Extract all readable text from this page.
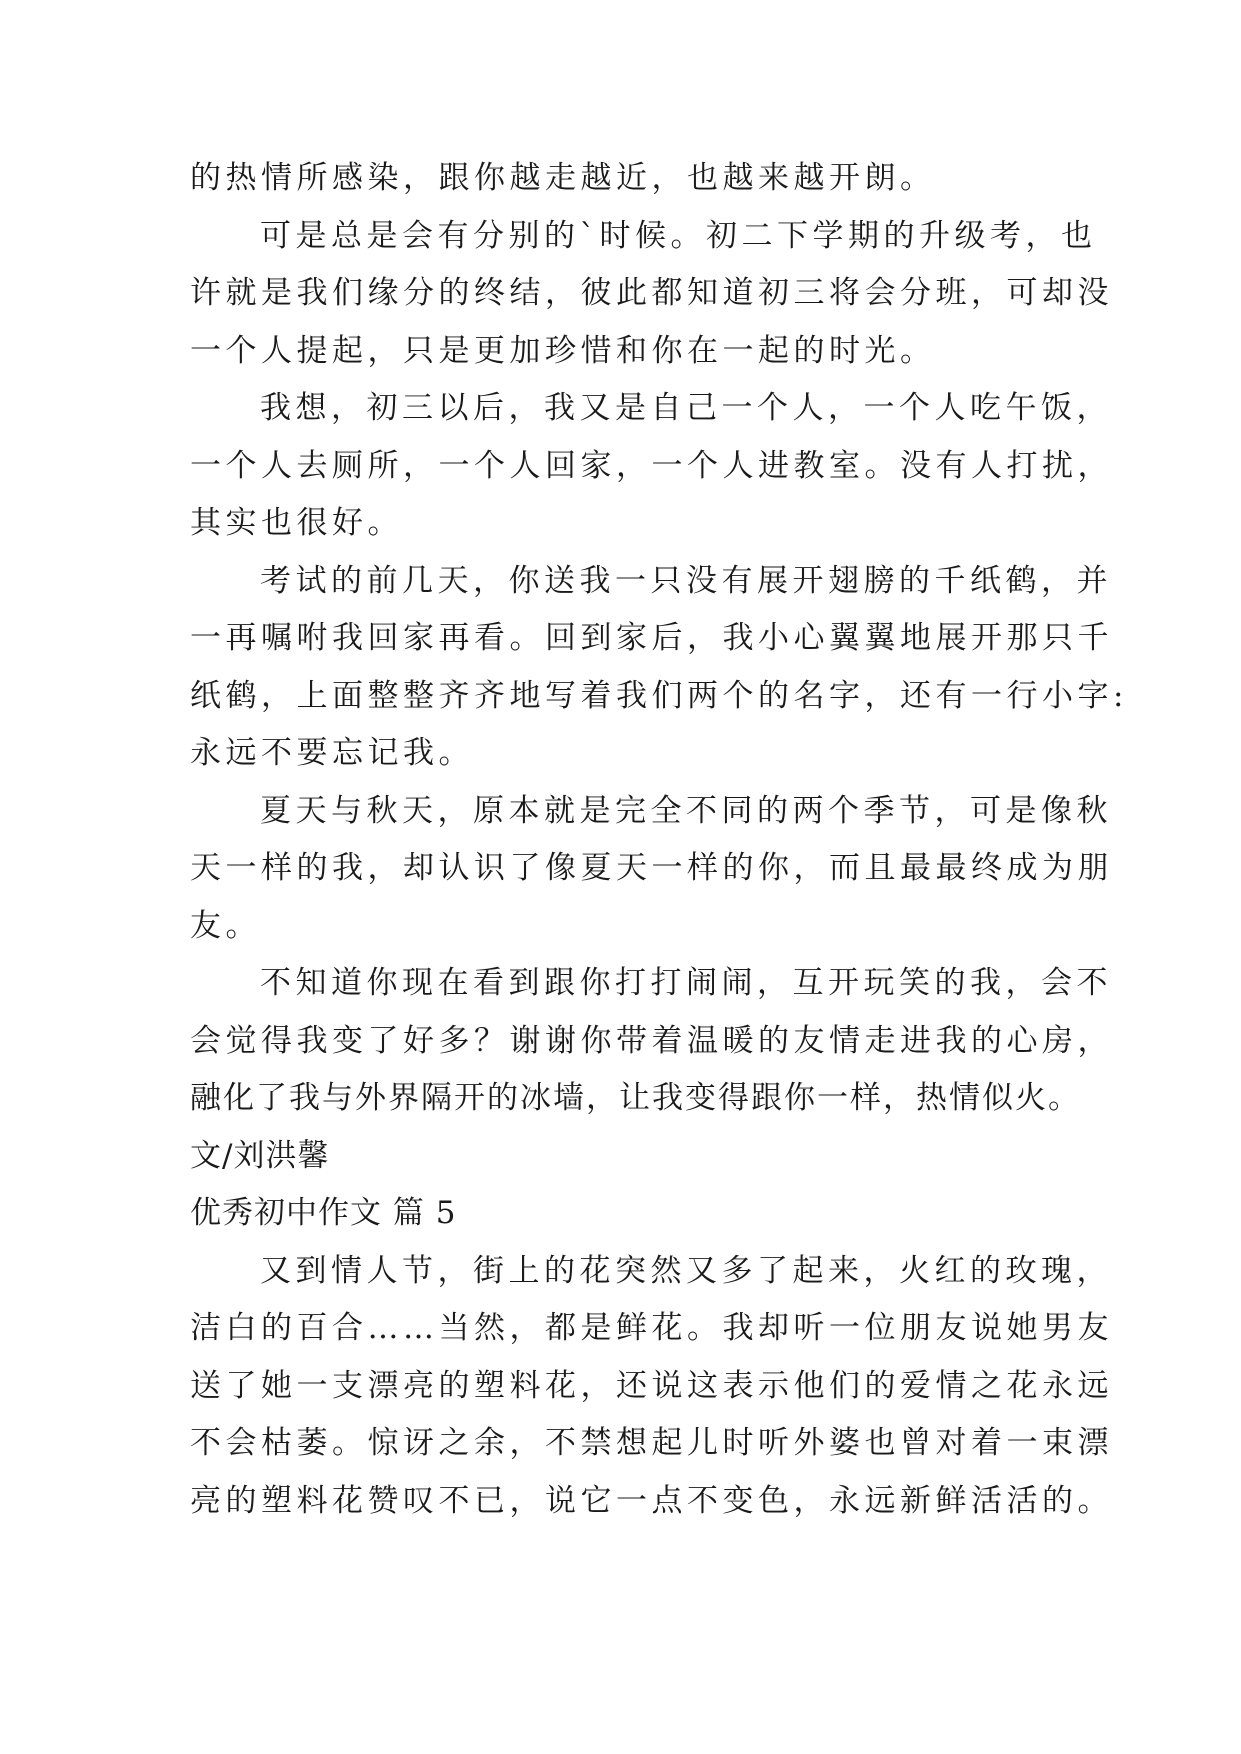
的热情所感染，跟你越走越近，也越来越开朗。
可是总是会有分别的`时候。初二下学期的升级考，也
许就是我们缘分的终结，彼此都知道初三将会分班，可却没
一个人提起，只是更加珍惜和你在一起的时光。
我想，初三以后，我又是自己一个人，一个人吃午饭，
一个人去厕所，一个人回家，一个人进教室。没有人打扰，
其实也很好。
考试的前几天，你送我一只没有展开翅膀的千纸鹤，并
一再嘱咐我回家再看。回到家后，我小心翼翼地展开那只千
纸鹤，上面整整齐齐地写着我们两个的名字，还有一行小字:
永远不要忘记我。
夏天与秋天，原本就是完全不同的两个季节，可是像秋
天一样的我，却认识了像夏天一样的你，而且最最终成为朋
友。
不知道你现在看到跟你打打闹闹，互开玩笑的我，会不
会觉得我变了好多？谢谢你带着温暖的友情走进我的心房，
融化了我与外界隔开的冰墙，让我变得跟你一样，热情似火。
文/刘洪馨
优秀初中作文 篇 5
又到情人节，街上的花突然又多了起来，火红的玫瑰，
洁白的百合……当然，都是鲜花。我却听一位朋友说她男友
送了她一支漂亮的塑料花，还说这表示他们的爱情之花永远
不会枯萎。惊讶之余，不禁想起儿时听外婆也曾对着一束漂
亮的塑料花赞叹不已，说它一点不变色，永远新鲜活活的。
